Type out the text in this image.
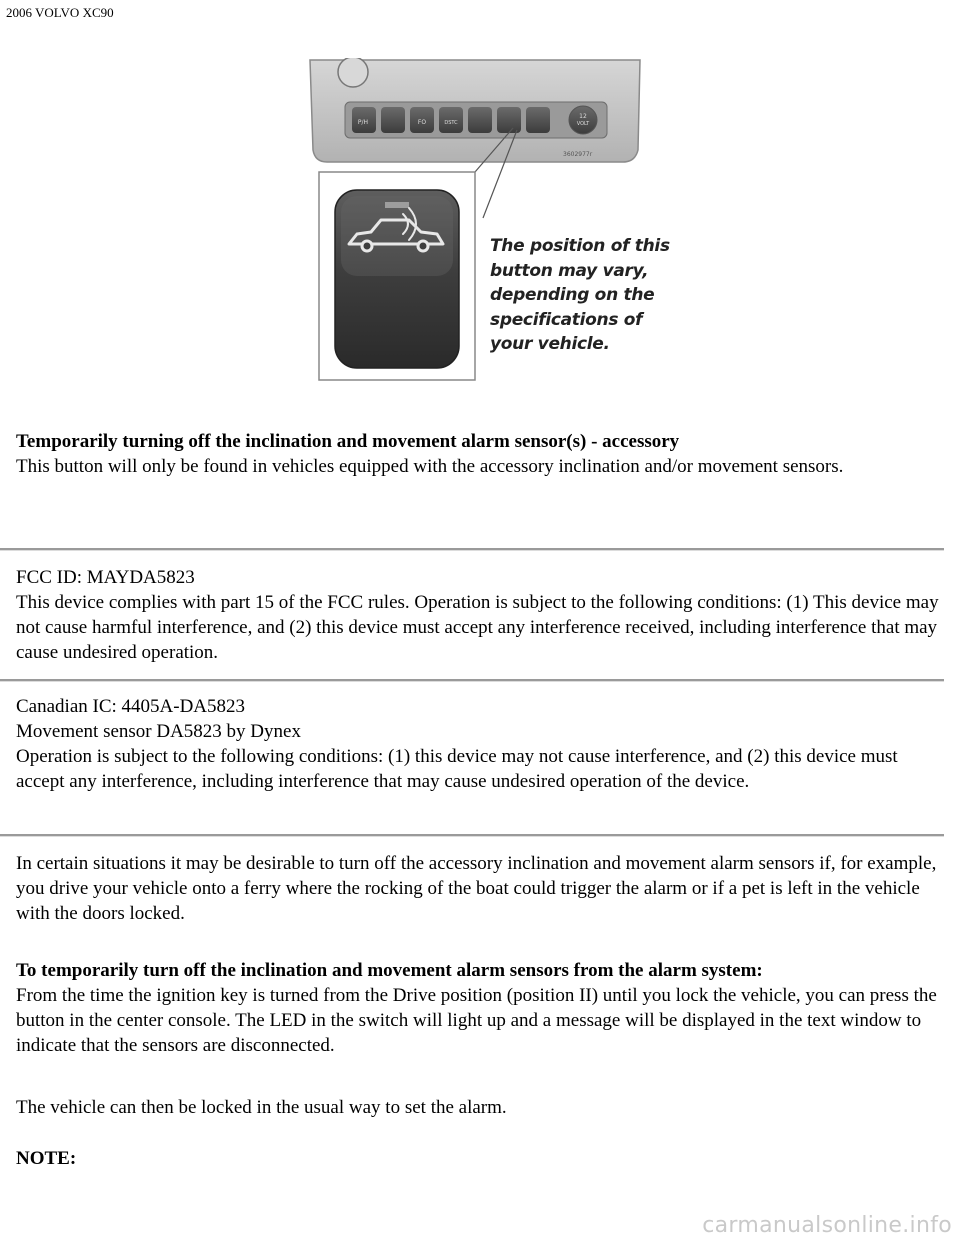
2006 VOLVO XC90
P/H	FO	DSTC
12
VOLT
3602977r
The position of this
button may vary,
depending on the
specifications of
your vehicle.

Temporarily turning off the inclination and movement alarm sensor(s) - accessory

This button will only be found in vehicles equipped with the accessory inclination and/or movement sensors.

FCC ID: MAYDA5823

This device complies with part 15 of the FCC rules. Operation is subject to the following conditions: (1) This device may not cause harmful interference, and (2) this device must accept any interference received, including interference that may cause undesired operation.

Canadian IC: 4405A-DA5823

Movement sensor DA5823 by Dynex

Operation is subject to the following conditions: (1) this device may not cause interference, and (2) this device must accept any interference, including interference that may cause undesired operation of the device.

In certain situations it may be desirable to turn off the accessory inclination and movement alarm sensors if, for example, you drive your vehicle onto a ferry where the rocking of the boat could trigger the alarm or if a pet is left in the vehicle with the doors locked.

To temporarily turn off the inclination and movement alarm sensors from the alarm system:

From the time the ignition key is turned from the Drive position (position II) until you lock the vehicle, you can press the button in the center console. The LED in the switch will light up and a message will be displayed in the text window to indicate that the sensors are disconnected.

The vehicle can then be locked in the usual way to set the alarm.

NOTE:

carmanualsonline.info
